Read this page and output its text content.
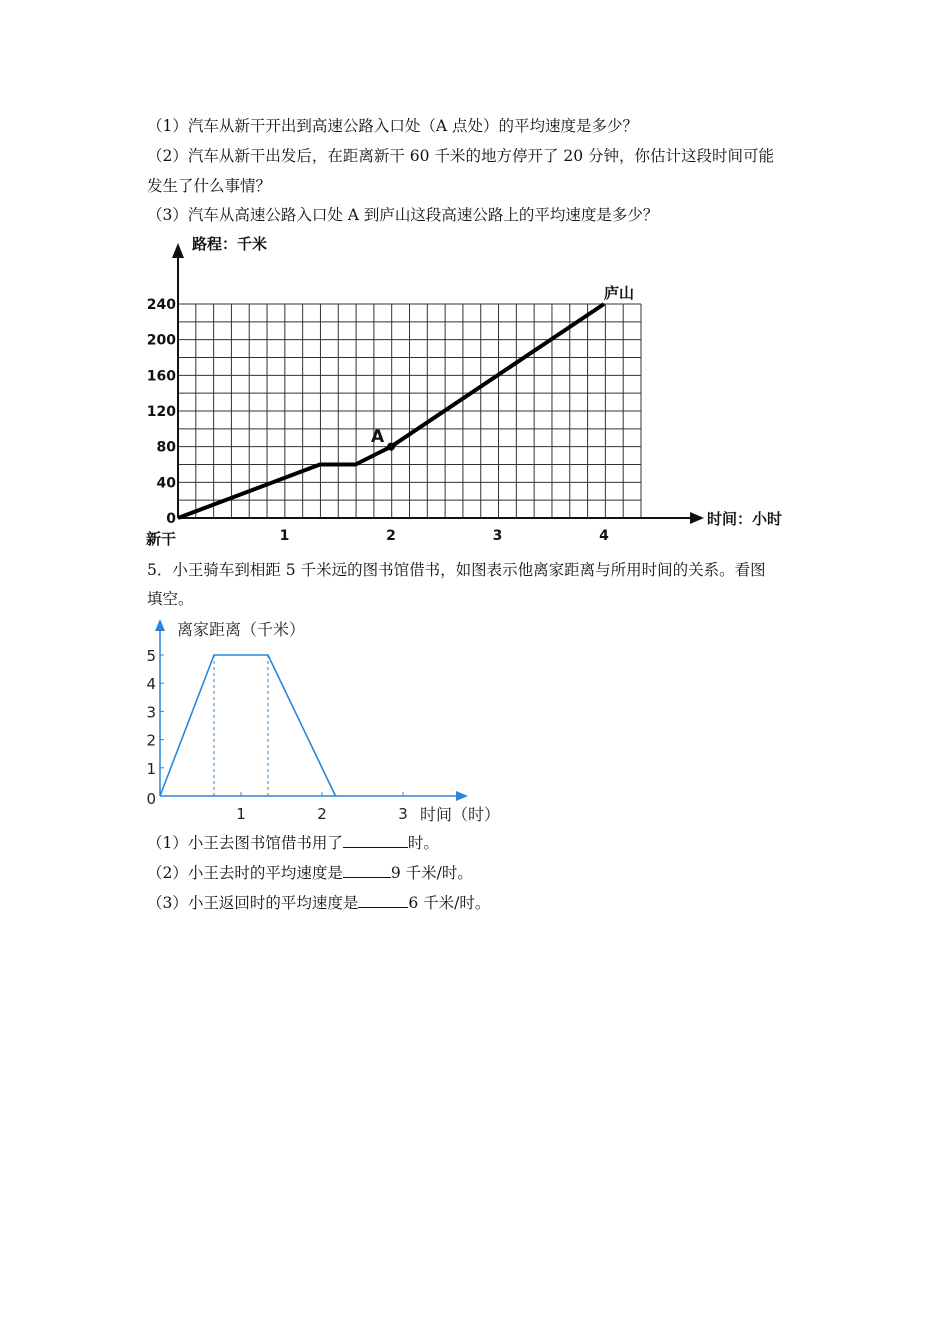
（1）汽车从新干开出到高速公路入口处（A 点处）的平均速度是多少？
（2）汽车从新干出发后，在距离新干 60 千米的地方停开了 20 分钟，你估计这段时间可能
发生了什么事情？
（3）汽车从高速公路入口处 A 到庐山这段高速公路上的平均速度是多少？
0
40
80
120
160
200
240
1	2	3	4
路程：千米
时间：小时
新干
庐山
A
5．小王骑车到相距 5 千米远的图书馆借书，如图表示他离家距离与所用时间的关系。看图
填空。
0
1
2
3
4
5
1	2	3
离家距离（千米）
时间（时）
（1）小王去图书馆借书用了	时。
（2）小王去时的平均速度是	9 千米/时。
（3）小王返回时的平均速度是	6 千米/时。
